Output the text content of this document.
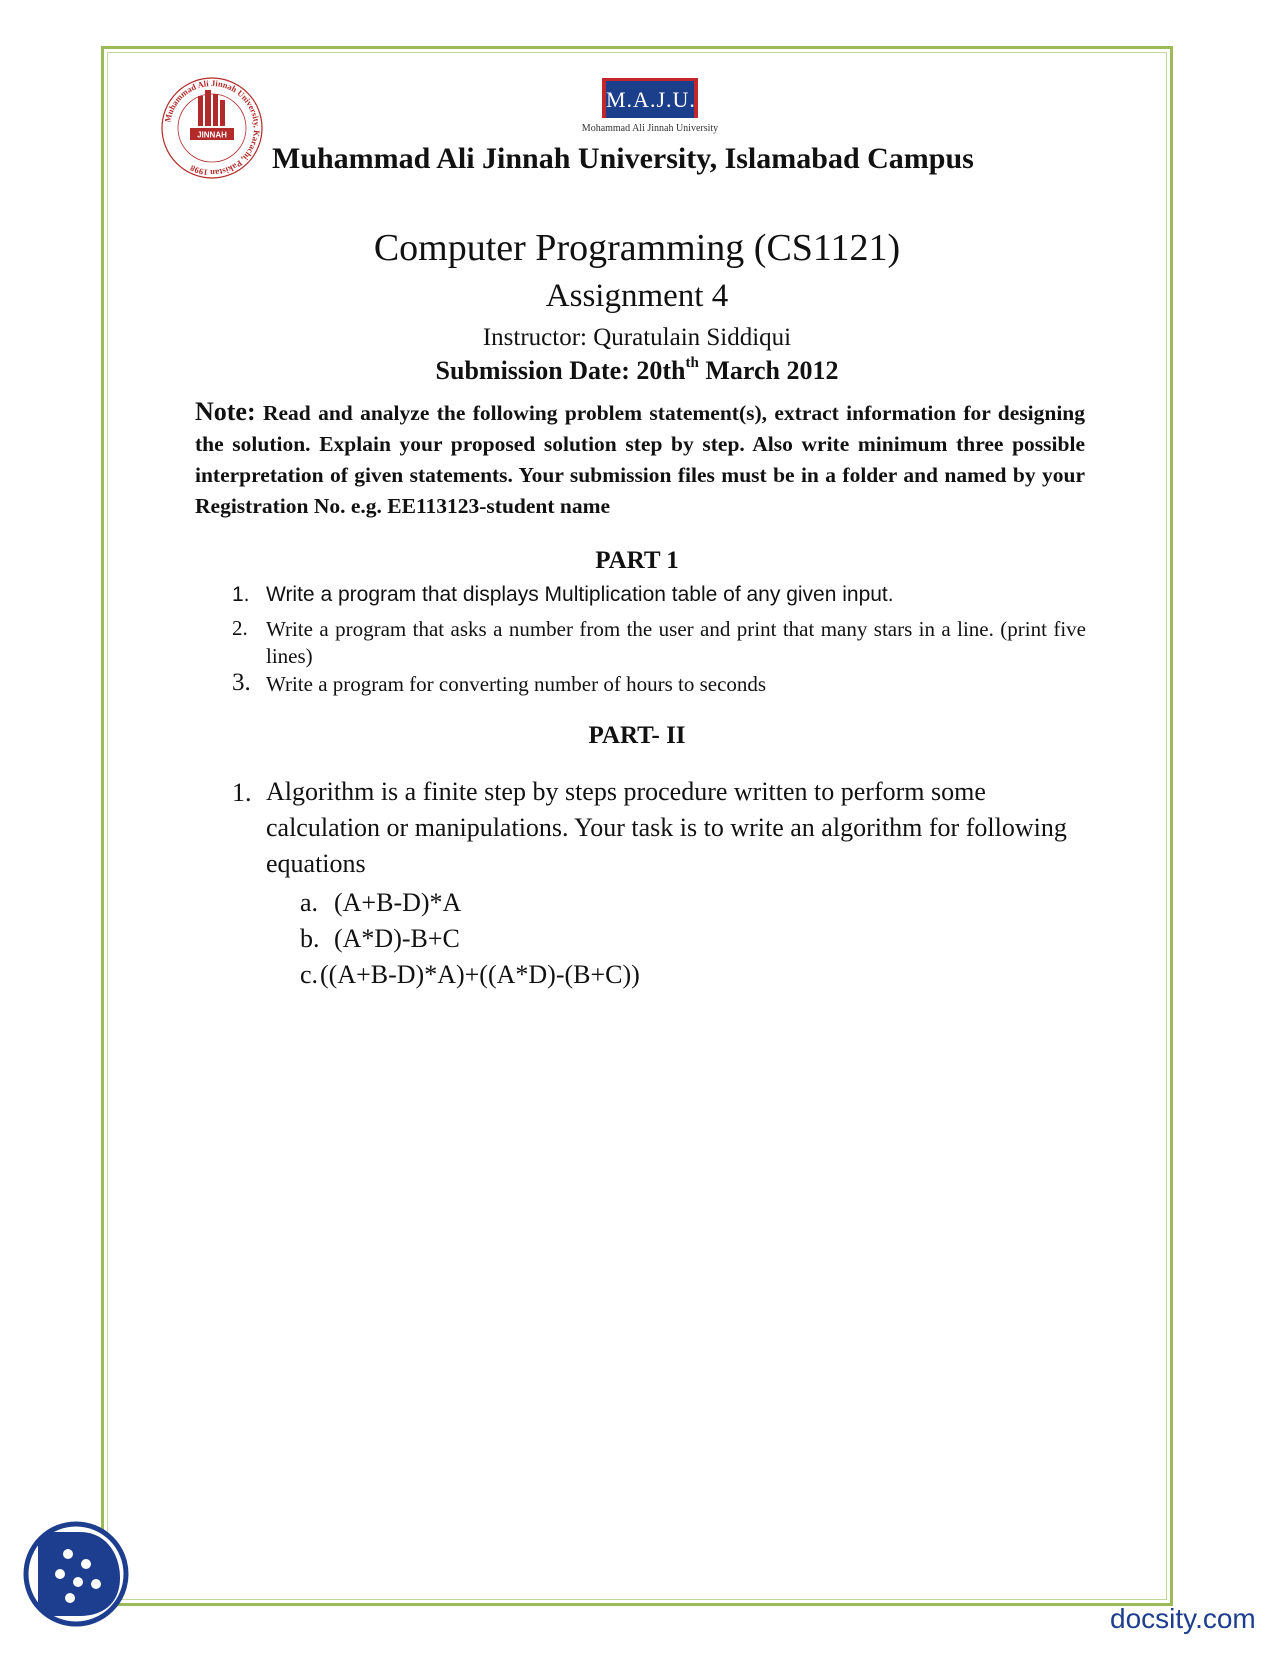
Muhammad Ali Jinnah University, Karachi, Pakistan 1998
JINNAH
M.A.J.U.
Mohammad Ali Jinnah University
Muhammad Ali Jinnah University, Islamabad Campus
Computer Programming (CS1121)
Assignment 4
Instructor: Quratulain Siddiqui
Submission Date: $20th^{th}$ March 2012
Note: Read and analyze the following problem statement(s), extract information for designing the solution. Explain your proposed solution step by step. Also write minimum three possible interpretation of given statements. Your submission files must be in a folder and named by your Registration No. e.g. EE113123-student name
PART 1
1. Write a program that displays Multiplication table of any given input.
2. Write a program that asks a number from the user and print that many stars in a line. (print five lines)
3. Write a program for converting number of hours to seconds
PART- II
1. Algorithm is a finite step by steps procedure written to perform some calculation or manipulations. Your task is to write an algorithm for following equations
a. (A+B-D)*A
b. (A*D)-B+C
c.((A+B-D)*A)+((A*D)-(B+C))
docsity.com
